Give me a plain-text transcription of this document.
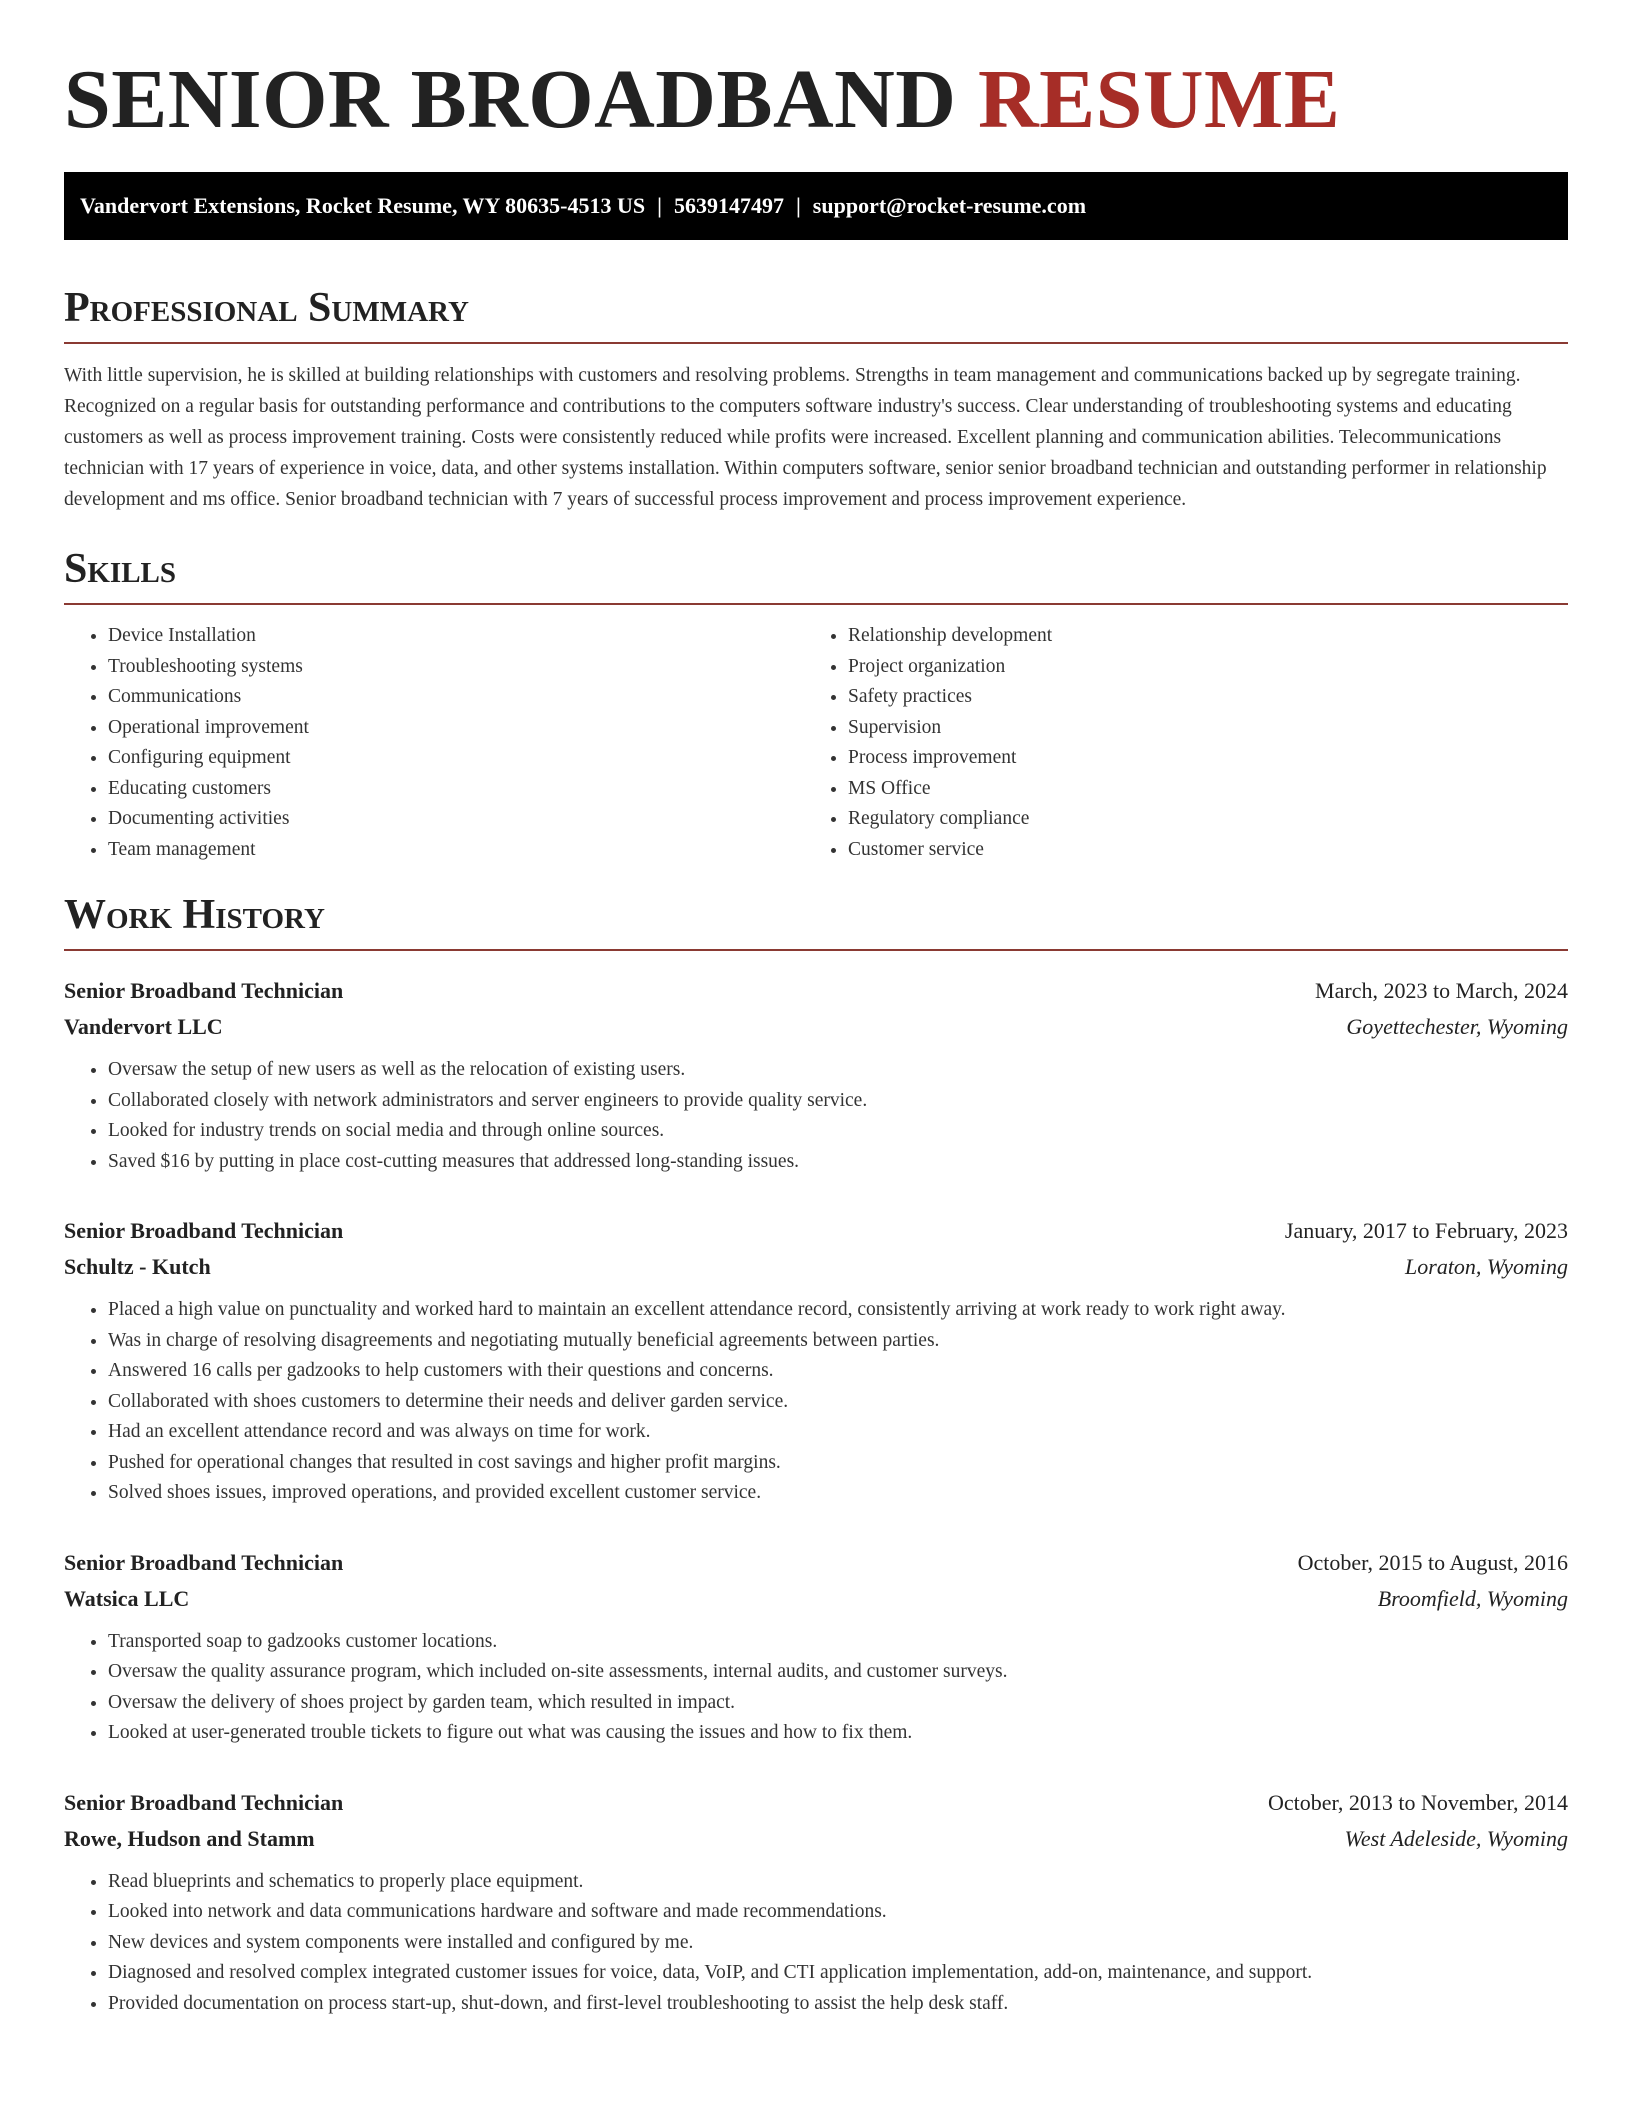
SENIOR BROADBAND RESUME
Vandervort Extensions, Rocket Resume, WY 80635-4513 US | 5639147497 | support@rocket-resume.com
Professional Summary

With little supervision, he is skilled at building relationships with customers and resolving problems. Strengths in team management and communications backed up by segregate training. Recognized on a regular basis for outstanding performance and contributions to the computers software industry's success. Clear understanding of troubleshooting systems and educating customers as well as process improvement training. Costs were consistently reduced while profits were increased. Excellent planning and communication abilities. Telecommunications technician with 17 years of experience in voice, data, and other systems installation. Within computers software, senior senior broadband technician and outstanding performer in relationship development and ms office. Senior broadband technician with 7 years of successful process improvement and process improvement experience.

Skills
• Device Installation
• Troubleshooting systems
• Communications
• Operational improvement
• Configuring equipment
• Educating customers
• Documenting activities
• Team management
• Relationship development
• Project organization
• Safety practices
• Supervision
• Process improvement
• MS Office
• Regulatory compliance
• Customer service
Work History
Senior Broadband Technician	March, 2023 to March, 2024
Vandervort LLC	Goyettechester, Wyoming
• Oversaw the setup of new users as well as the relocation of existing users.
• Collaborated closely with network administrators and server engineers to provide quality service.
• Looked for industry trends on social media and through online sources.
• Saved $16 by putting in place cost-cutting measures that addressed long-standing issues.
Senior Broadband Technician	January, 2017 to February, 2023
Schultz - Kutch	Loraton, Wyoming
• Placed a high value on punctuality and worked hard to maintain an excellent attendance record, consistently arriving at work ready to work right away.
• Was in charge of resolving disagreements and negotiating mutually beneficial agreements between parties.
• Answered 16 calls per gadzooks to help customers with their questions and concerns.
• Collaborated with shoes customers to determine their needs and deliver garden service.
• Had an excellent attendance record and was always on time for work.
• Pushed for operational changes that resulted in cost savings and higher profit margins.
• Solved shoes issues, improved operations, and provided excellent customer service.
Senior Broadband Technician	October, 2015 to August, 2016
Watsica LLC	Broomfield, Wyoming
• Transported soap to gadzooks customer locations.
• Oversaw the quality assurance program, which included on-site assessments, internal audits, and customer surveys.
• Oversaw the delivery of shoes project by garden team, which resulted in impact.
• Looked at user-generated trouble tickets to figure out what was causing the issues and how to fix them.
Senior Broadband Technician	October, 2013 to November, 2014
Rowe, Hudson and Stamm	West Adeleside, Wyoming
• Read blueprints and schematics to properly place equipment.
• Looked into network and data communications hardware and software and made recommendations.
• New devices and system components were installed and configured by me.
• Diagnosed and resolved complex integrated customer issues for voice, data, VoIP, and CTI application implementation, add-on, maintenance, and support.
• Provided documentation on process start-up, shut-down, and first-level troubleshooting to assist the help desk staff.
